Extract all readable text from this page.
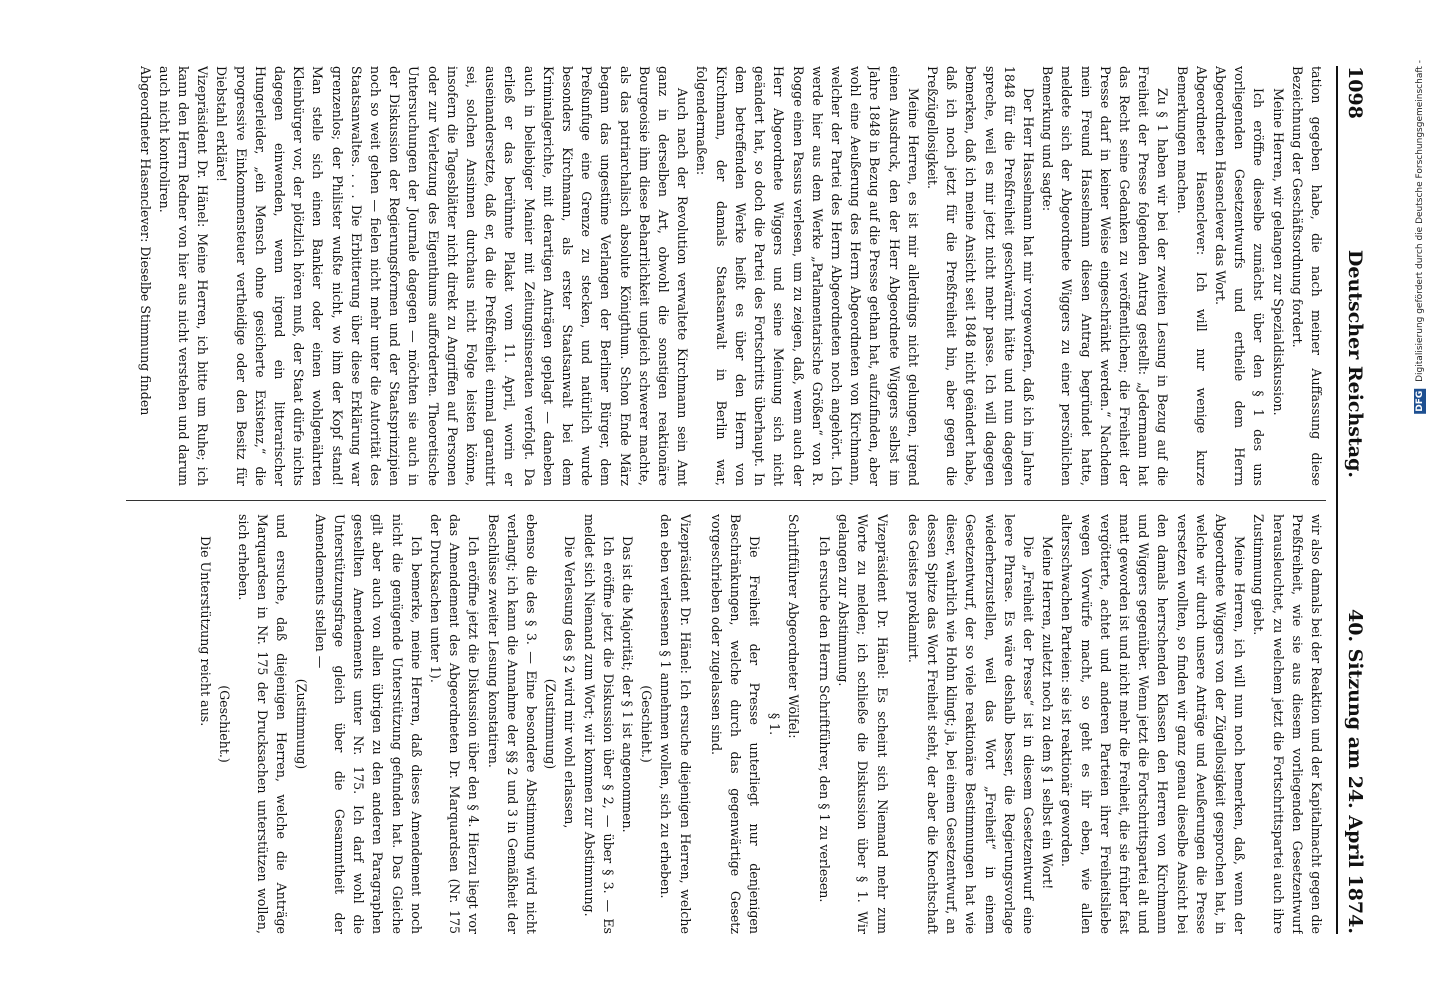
1098
Deutscher Reichstag.
40. Sitzung am 24. April 1874.

tation gegeben habe, die nach meiner Auffassung diese Bezeichnung der Geschäftsordnung fordert.

Meine Herren, wir gelangen zur Spezialdiskussion.

Ich eröffne dieselbe zunächst über den § 1 des uns vorliegenden Gesetzentwurfs und ertheile dem Herrn Abgeordneten Hasenclever das Wort.

Abgeordneter Hasenclever: Ich will nur wenige kurze Bemerkungen machen.

Zu § 1 haben wir bei der zweiten Lesung in Bezug auf die Freiheit der Presse folgenden Antrag gestellt: „Jedermann hat das Recht seine Gedanken zu veröffentlichen; die Freiheit der Presse darf in keiner Weise eingeschränkt werden.“ Nachdem mein Freund Hasselmann diesen Antrag begründet hatte, meldete sich der Abgeordnete Wiggers zu einer persönlichen Bemerkung und sagte:

Der Herr Hasselmann hat mir vorgeworfen, daß ich im Jahre 1848 für die Preßfreiheit geschwärmt hätte und nun dagegen spreche, weil es mir jetzt nicht mehr passe. Ich will dagegen bemerken, daß ich meine Ansicht seit 1848 nicht geändert habe, daß ich noch jetzt für die Preßfreiheit bin, aber gegen die Preßzügellosigkeit.

Meine Herren, es ist mir allerdings nicht gelungen, irgend einen Ausdruck, den der Herr Abgeordnete Wiggers selbst im Jahre 1848 in Bezug auf die Presse gethan hat, aufzufinden, aber wohl eine Aeußerung des Herrn Abgeordneten von Kirchmann, welcher der Partei des Herrn Abgeordneten noch angehört. Ich werde hier aus dem Werke „Parlamentarische Größen“ von R. Rogge einen Passus verlesen, um zu zeigen, daß, wenn auch der Herr Abgeordnete Wiggers und seine Meinung sich nicht geändert hat, so doch die Partei des Fortschritts überhaupt. In dem betreffenden Werke heißt es über den Herrn von Kirchmann, der damals Staatsanwalt in Berlin war, folgendermaßen:

Auch nach der Revolution verwaltete Kirchmann sein Amt ganz in derselben Art, obwohl die sonstigen reaktionäre Bourgeoisie ihm diese Beharrlichkeit ungleich schwerer machte, als das patriarchalisch absolute Königthum. Schon Ende März begann das ungestüme Verlangen der Berliner Bürger, dem Preßunfuge eine Grenze zu stecken, und natürlich wurde besonders Kirchmann, als erster Staatsanwalt bei dem Kriminalgerichte, mit derartigen Anträgen geplagt — daneben auch in beliebiger Manier mit Zeitungsinseraten verfolgt. Da erließ er das berühmte Plakat vom 11. April, worin er auseinandersetzte, daß er, da die Preßfreiheit einmal garantirt sei, solchen Ansinnen durchaus nicht Folge leisten könne, insofern die Tagesblätter nicht direkt zu Angriffen auf Personen oder zur Verletzung des Eigenthums aufforderten. Theoretische Untersuchungen der Journale dagegen — möchten sie auch in der Diskussion der Regierungsformen und der Staatsprinzipien noch so weit gehen — fielen nicht mehr unter die Autorität des Staatsanwaltes. . . . Die Erbitterung über diese Erklärung war grenzenlos; der Philister wußte nicht, wo ihm der Kopf stand! Man stelle sich einen Bankier oder einen wohlgenährten Kleinbürger vor, der plötzlich hören muß, der Staat dürfe nichts dagegen einwenden, wenn irgend ein litterarischer Hungerleider, „ein Mensch ohne gesicherte Existenz,“ die progressive Einkommensteuer vertheidige oder den Besitz für Diebstahl erkläre!

Vizepräsident Dr. Hänel: Meine Herren, ich bitte um Ruhe; ich kann den Herrn Redner von hier aus nicht verstehen und darum auch nicht kontroliren.

Abgeordneter Hasenclever: Dieselbe Stimmung finden

wir also damals bei der Reaktion und der Kapitalmacht gegen die Preßfreiheit, wie sie aus diesem vorliegenden Gesetzentwurf herausleuchtet, zu welchem jetzt die Fortschrittspartei auch ihre Zustimmung giebt.

Meine Herren, ich will nun noch bemerken, daß, wenn der Abgeordnete Wiggers von der Zügellosigkeit gesprochen hat, in welche wir durch unsere Anträge und Aeußerungen die Presse versetzen wollten, so finden wir ganz genau dieselbe Ansicht bei den damals herrschenden Klassen den Herren von Kirchmann und Wiggers gegenüber. Wenn jetzt die Fortschrittspartei alt und matt geworden ist und nicht mehr die Freiheit, die sie früher fast vergötterte, achtet und anderen Parteien ihrer Freiheitsliebe wegen Vorwürfe macht, so geht es ihr eben, wie allen altersschwachen Parteien: sie ist reaktionär geworden.

Meine Herren, zuletzt noch zu dem § 1 selbst ein Wort!

Die „Freiheit der Presse“ ist in diesem Gesetzentwurf eine leere Phrase. Es wäre deshalb besser, die Regierungsvorlage wiederherzustellen, weil das Wort „Freiheit“ in einem Gesetzentwurf, der so viele reaktionäre Bestimmungen hat wie dieser, wahrlich wie Hohn klingt; ja, bei einem Gesetzentwurf, an dessen Spitze das Wort Freiheit steht, der aber die Knechtschaft des Geistes proklamirt.

Vizepräsident Dr. Hänel: Es scheint sich Niemand mehr zum Worte zu melden; ich schließe die Diskussion über § 1. Wir gelangen zur Abstimmung.

Ich ersuche den Herrn Schriftführer, den § 1 zu verlesen.

Schriftführer Abgeordneter Wölfel:

§ 1.

Die Freiheit der Presse unterliegt nur denjenigen Beschränkungen, welche durch das gegenwärtige Gesetz vorgeschrieben oder zugelassen sind.

Vizepräsident Dr. Hänel: Ich ersuche diejenigen Herren, welche den eben verlesenen § 1 annehmen wollen, sich zu erheben.

(Geschieht.)

Das ist die Majorität; der § 1 ist angenommen.

Ich eröffne jetzt die Diskussion über § 2, — über § 3. — Es meldet sich Niemand zum Wort; wir kommen zur Abstimmung.

Die Verlesung des § 2 wird mir wohl erlassen,

(Zustimmung)

ebenso die des § 3. — Eine besondere Abstimmung wird nicht verlangt; ich kann die Annahme der §§ 2 und 3 in Gemäßheit der Beschlüsse zweiter Lesung konstatiren.

Ich eröffne jetzt die Diskussion über den § 4. Hierzu liegt vor das Amendement des Abgeordneten Dr. Marquardsen (Nr. 175 der Drucksachen unter 1).

Ich bemerke, meine Herren, daß dieses Amendement noch nicht die genügende Unterstützung gefunden hat. Das Gleiche gilt aber auch von allen übrigen zu den anderen Paragraphen gestellten Amendements unter Nr. 175. Ich darf wohl die Unterstützungsfrage gleich über die Gesammtheit der Amendements stellen —

(Zustimmung)

und ersuche, daß diejenigen Herren, welche die Anträge Marquardsen in Nr. 175 der Drucksachen unterstützen wollen, sich erheben.

(Geschieht.)

Die Unterstützung reicht aus.

DFG Digitalisierung gefördert durch die Deutsche Forschungsgemeinschaft -
